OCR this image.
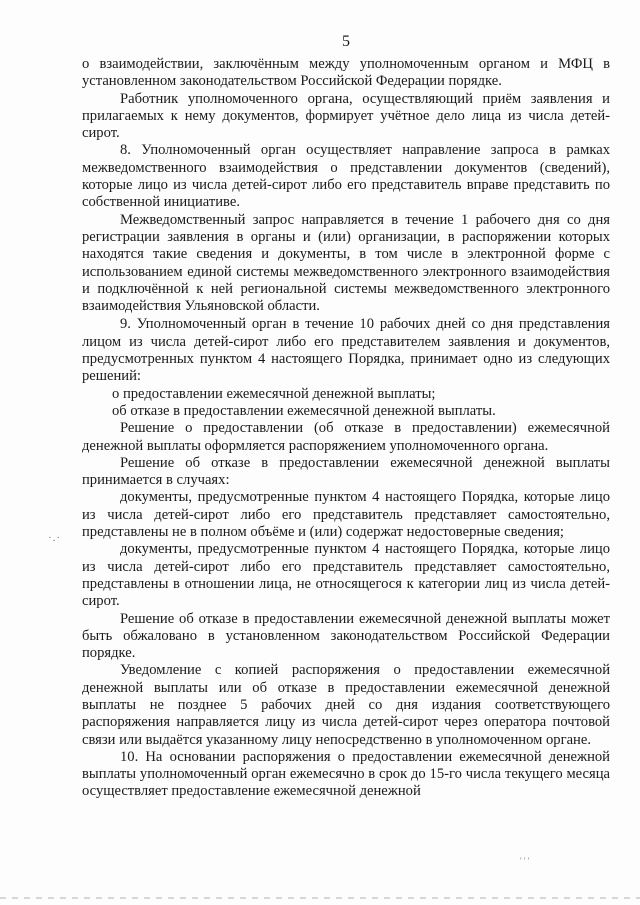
5

о взаимодействии, заключённым между уполномоченным органом и МФЦ в установленном законодательством Российской Федерации порядке.

Работник уполномоченного органа, осуществляющий приём заявления и прилагаемых к нему документов, формирует учётное дело лица из числа детей-сирот.

8. Уполномоченный орган осуществляет направление запроса в рамках межведомственного взаимодействия о представлении документов (сведений), которые лицо из числа детей-сирот либо его представитель вправе представить по собственной инициативе.

Межведомственный запрос направляется в течение 1 рабочего дня со дня регистрации заявления в органы и (или) организации, в распоряжении которых находятся такие сведения и документы, в том числе в электронной форме с использованием единой системы межведомственного электронного взаимодействия и подключённой к ней региональной системы межведомственного электронного взаимодействия Ульяновской области.

9. Уполномоченный орган в течение 10 рабочих дней со дня представления лицом из числа детей-сирот либо его представителем заявления и документов, предусмотренных пунктом 4 настоящего Порядка, принимает одно из следующих решений:

о предоставлении ежемесячной денежной выплаты;

об отказе в предоставлении ежемесячной денежной выплаты.

Решение о предоставлении (об отказе в предоставлении) ежемесячной денежной выплаты оформляется распоряжением уполномоченного органа.

Решение об отказе в предоставлении ежемесячной денежной выплаты принимается в случаях:

документы, предусмотренные пунктом 4 настоящего Порядка, которые лицо из числа детей-сирот либо его представитель представляет самостоятельно, представлены не в полном объёме и (или) содержат недостоверные сведения;

документы, предусмотренные пунктом 4 настоящего Порядка, которые лицо из числа детей-сирот либо его представитель представляет самостоятельно, представлены в отношении лица, не относящегося к категории лиц из числа детей-сирот.

Решение об отказе в предоставлении ежемесячной денежной выплаты может быть обжаловано в установленном законодательством Российской Федерации порядке.

Уведомление с копией распоряжения о предоставлении ежемесячной денежной выплаты или об отказе в предоставлении ежемесячной денежной выплаты не позднее 5 рабочих дней со дня издания соответствующего распоряжения направляется лицу из числа детей-сирот через оператора почтовой связи или выдаётся указанному лицу непосредственно в уполномоченном органе.

10. На основании распоряжения о предоставлении ежемесячной денежной выплаты уполномоченный орган ежемесячно в срок до 15-го числа текущего месяца осуществляет предоставление ежемесячной денежной

·.·
' ' '
